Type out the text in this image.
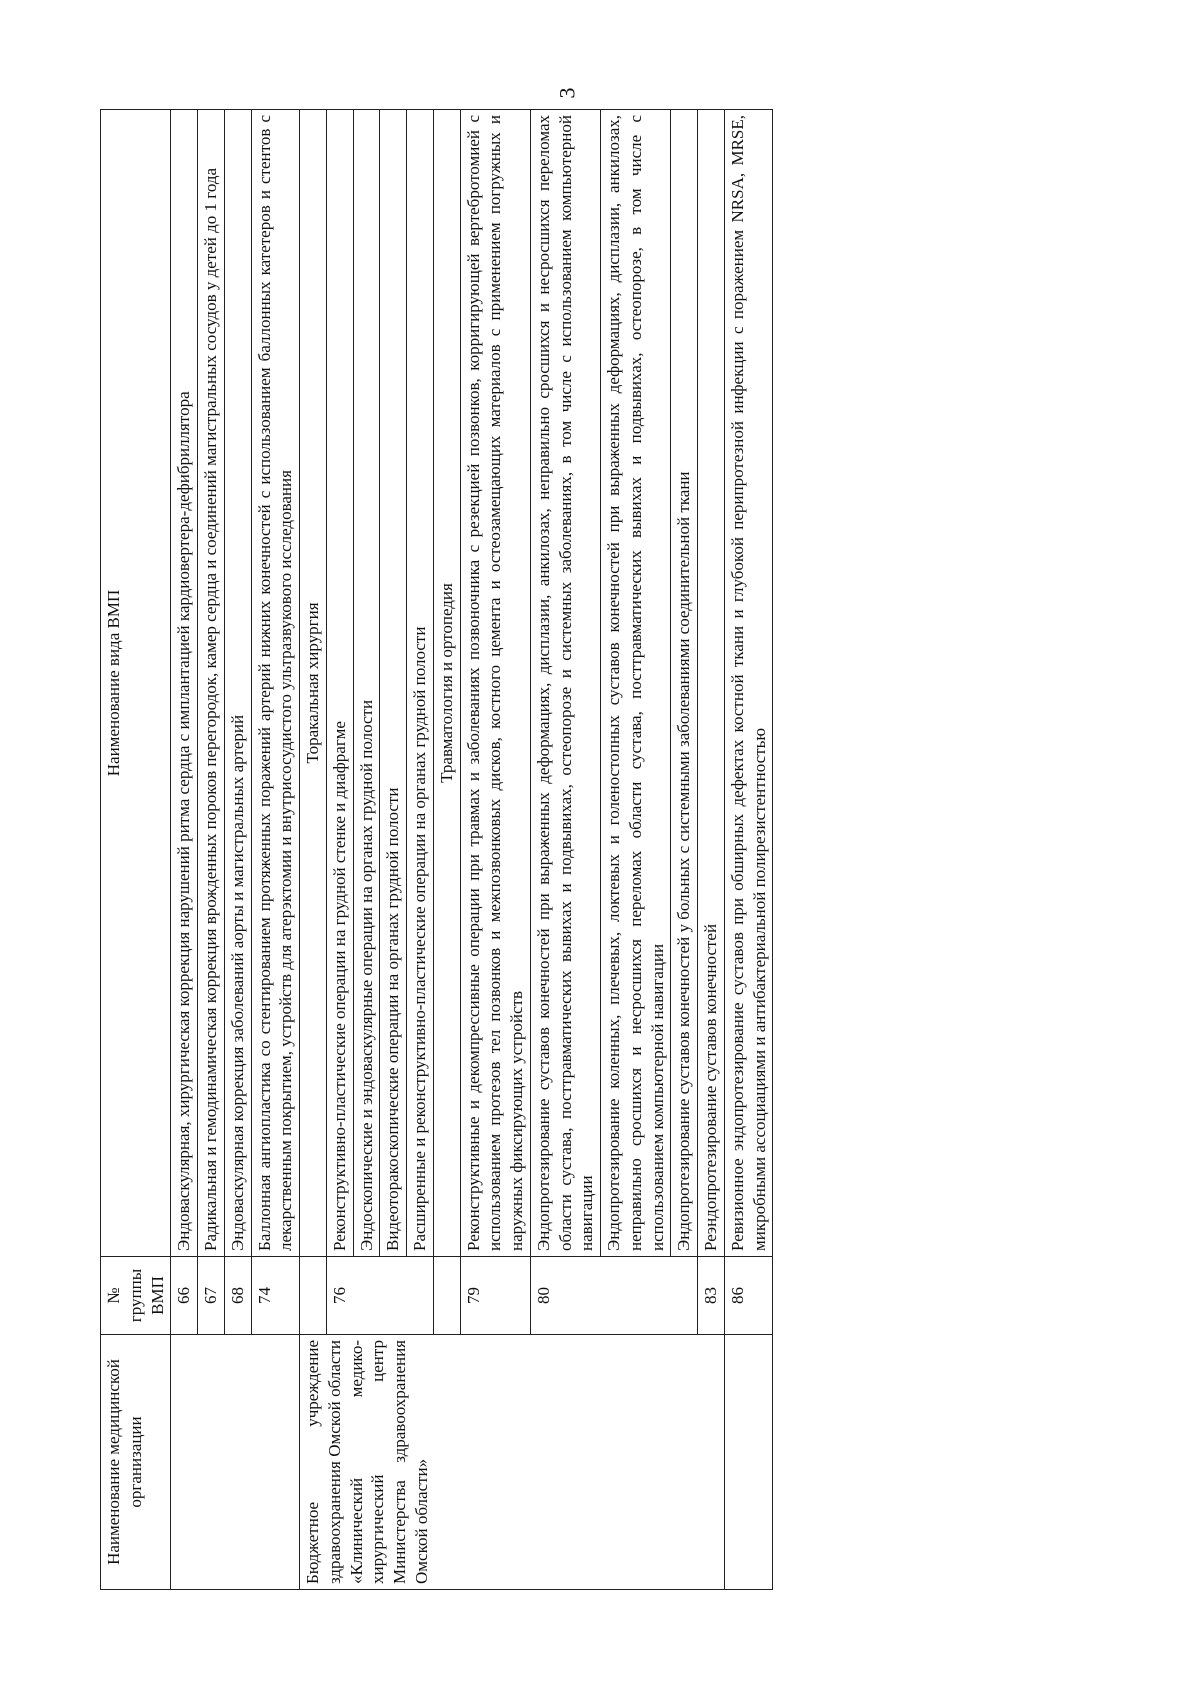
3
Наименование медицинской организации	№ группы ВМП	Наименование вида ВМП
	66	Эндоваскулярная, хирургическая коррекция нарушений ритма сердца с имплантацией кардиовертера-дефибриллятора
	67	Радикальная и гемодинамическая коррекция врожденных пороков перегородок, камер сердца и соединений магистральных сосудов у детей до 1 года
	68	Эндоваскулярная коррекция заболеваний аорты и магистральных артерий
	74	Баллонная ангиопластика со стентированием протяженных поражений артерий нижних конечностей с использованием баллонных катетеров и стентов с лекарственным покрытием, устройств для атерэктомии и внутрисосудистого ультразвукового исследования
Бюджетное учреждение здравоохранения Омской области «Клинический медико-хирургический центр Министерства здравоохранения Омской области»		Торакальная хирургия
	76	Реконструктивно-пластические операции на грудной стенке и диафрагме
		Эндоскопические и эндоваскулярные операции на органах грудной полости
		Видеоторакоскопические операции на органах грудной полости
		Расширенные и реконструктивно-пластические операции на органах грудной полости
		Травматология и ортопедия
	79	Реконструктивные и декомпрессивные операции при травмах и заболеваниях позвоночника с резекцией позвонков, корригирующей вертебротомией с использованием протезов тел позвонков и межпозвонковых дисков, костного цемента и остеозамещающих материалов с применением погружных и наружных фиксирующих устройств
	80	Эндопротезирование суставов конечностей при выраженных деформациях, дисплазии, анкилозах, неправильно сросшихся и несросшихся переломах области сустава, посттравматических вывихах и подвывихах, остеопорозе и системных заболеваниях, в том числе с использованием компьютерной навигации
		Эндопротезирование коленных, плечевых, локтевых и голеностопных суставов конечностей при выраженных деформациях, дисплазии, анкилозах, неправильно сросшихся и несросшихся переломах области сустава, посттравматических вывихах и подвывихах, остеопорозе, в том числе с использованием компьютерной навигации
		Эндопротезирование суставов конечностей у больных с системными заболеваниями соединительной ткани
	83	Реэндопротезирование суставов конечностей
	86	Ревизионное эндопротезирование суставов при обширных дефектах костной ткани и глубокой перипротезной инфекции с поражением NRSA, MRSE, микробными ассоциациями и антибактериальной полирезистентностью
